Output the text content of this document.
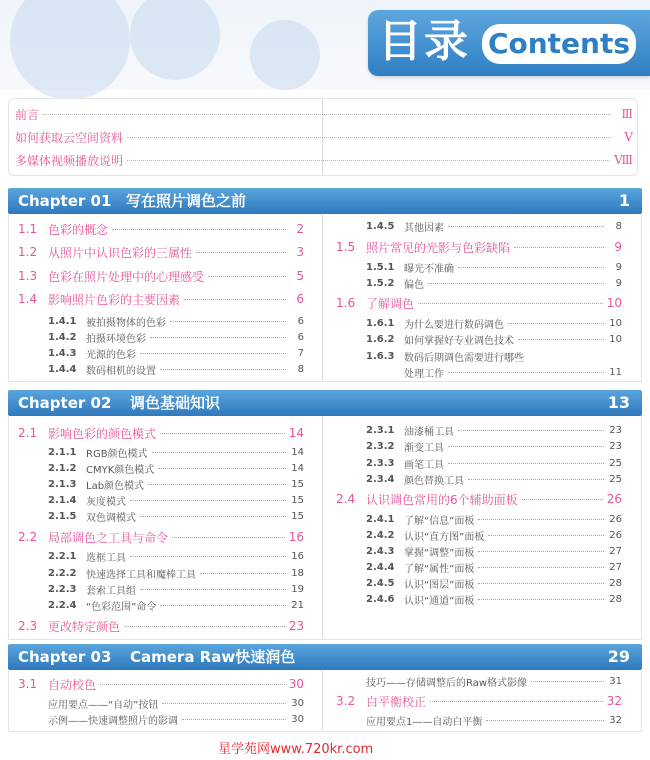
目录 Contents
前言	Ⅲ
如何获取云空间资料	Ⅴ
多媒体视频播放说明	Ⅷ
Chapter 01 写在照片调色之前	1
1.1 色彩的概念	2
1.2 从照片中认识色彩的三属性	3
1.3 色彩在照片处理中的心理感受	5
1.4 影响照片色彩的主要因素	6
1.4.1 被拍摄物体的色彩	6
1.4.2 拍摄环境色彩	6
1.4.3 光源的色彩	7
1.4.4 数码相机的设置	8
1.4.5 其他因素	8
1.5 照片常见的光影与色彩缺陷	9
1.5.1 曝光不准确	9
1.5.2 偏色	9
1.6 了解调色	10
1.6.1 为什么要进行数码调色	10
1.6.2 如何掌握好专业调色技术	10
1.6.3 数码后期调色需要进行哪些
处理工作	11
Chapter 02 调色基础知识	13
2.1 影响色彩的颜色模式	14
2.1.1 RGB颜色模式	14
2.1.2 CMYK颜色模式	14
2.1.3 Lab颜色模式	15
2.1.4 灰度模式	15
2.1.5 双色调模式	15
2.2 局部调色之工具与命令	16
2.2.1 选框工具	16
2.2.2 快速选择工具和魔棒工具	18
2.2.3 套索工具组	19
2.2.4 “色彩范围”命令	21
2.3 更改特定颜色	23
2.3.1 油漆桶工具	23
2.3.2 渐变工具	23
2.3.3 画笔工具	25
2.3.4 颜色替换工具	25
2.4 认识调色常用的6个辅助面板	26
2.4.1 了解“信息”面板	26
2.4.2 认识“直方图”面板	26
2.4.3 掌握“调整”面板	27
2.4.4 了解“属性”面板	27
2.4.5 认识“图层”面板	28
2.4.6 认识“通道”面板	28
Chapter 03 Camera Raw快速润色	29
3.1 自动校色	30
应用要点——“自动”按钮	30
示例——快速调整照片的影调	30
技巧——存储调整后的Raw格式影像	31
3.2 白平衡校正	32
应用要点1——自动白平衡	32
星学苑网www.720kr.com
